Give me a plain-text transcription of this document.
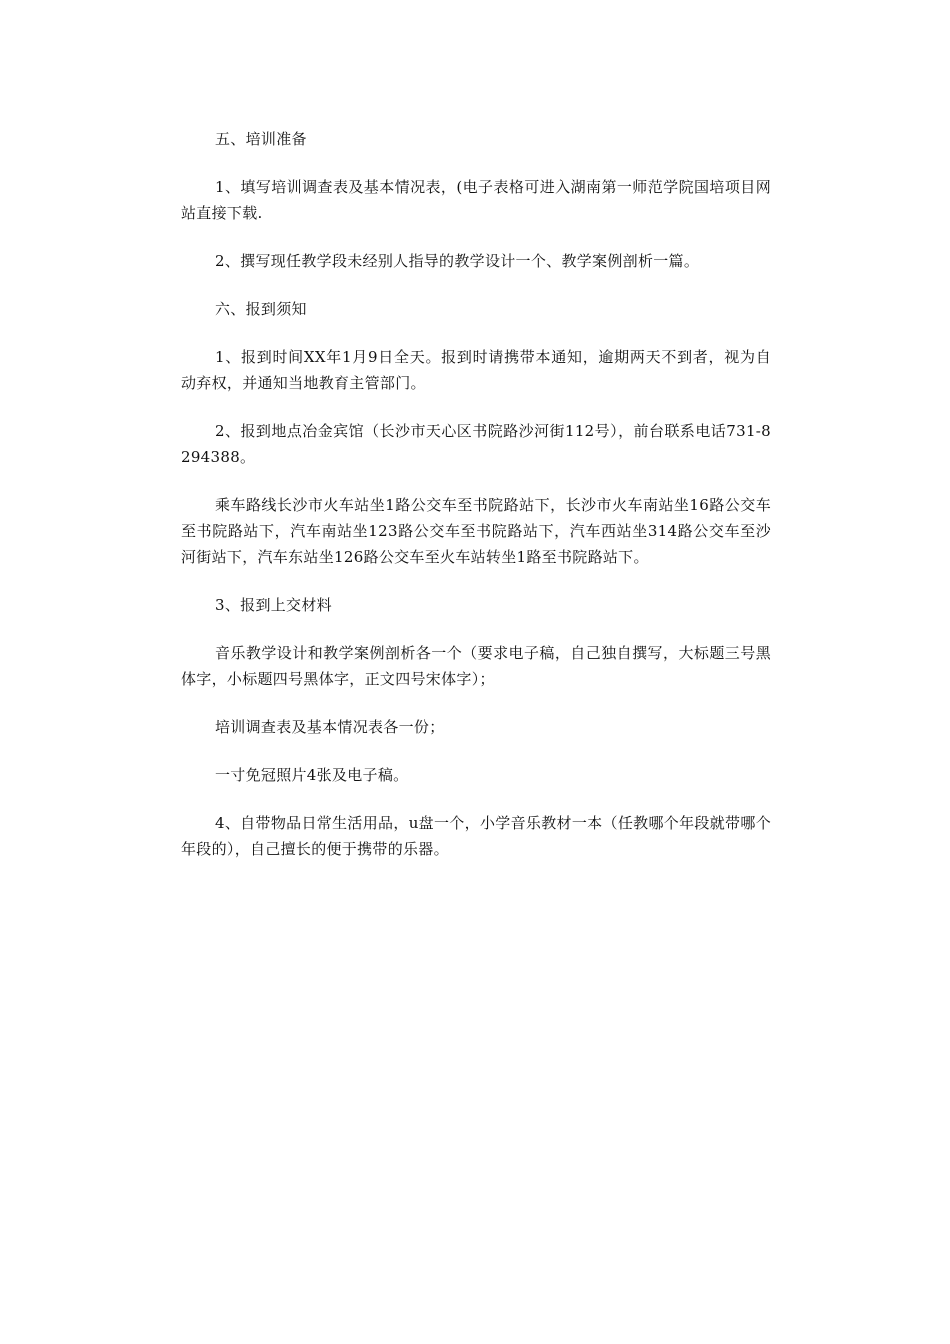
五、培训准备

1、填写培训调查表及基本情况表，(电子表格可进入湖南第一师范学院国培项目网站直接下载.

2、撰写现任教学段未经别人指导的教学设计一个、教学案例剖析一篇。

六、报到须知

1、报到时间XX年1月9日全天。报到时请携带本通知，逾期两天不到者，视为自动弃权，并通知当地教育主管部门。

2、报到地点冶金宾馆（长沙市天心区书院路沙河街112号），前台联系电话731-8294388。

乘车路线长沙市火车站坐1路公交车至书院路站下，长沙市火车南站坐16路公交车至书院路站下，汽车南站坐123路公交车至书院路站下，汽车西站坐314路公交车至沙河街站下，汽车东站坐126路公交车至火车站转坐1路至书院路站下。

3、报到上交材料

音乐教学设计和教学案例剖析各一个（要求电子稿，自己独自撰写，大标题三号黑体字，小标题四号黑体字，正文四号宋体字）；

培训调查表及基本情况表各一份；

一寸免冠照片4张及电子稿。

4、自带物品日常生活用品，u盘一个，小学音乐教材一本（任教哪个年段就带哪个年段的），自己擅长的便于携带的乐器。
